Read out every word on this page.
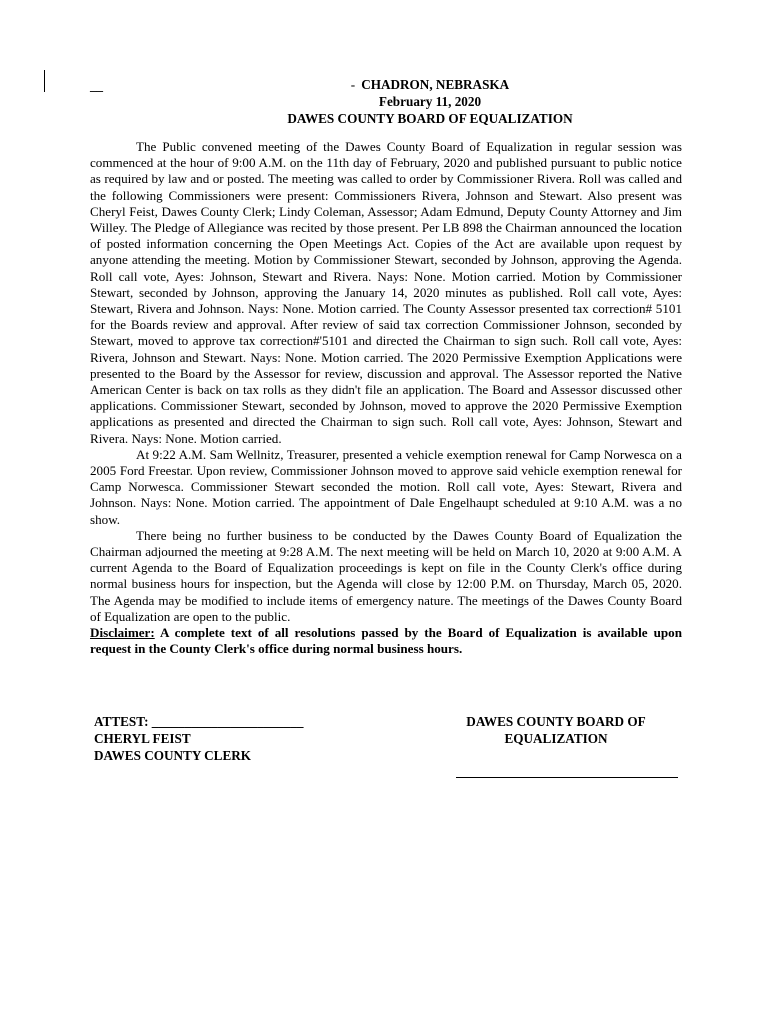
__	- CHADRON, NEBRASKA
February 11, 2020
DAWES COUNTY BOARD OF EQUALIZATION

The Public convened meeting of the Dawes County Board of Equalization in regular session was commenced at the hour of 9:00 A.M. on the 11th day of February, 2020 and published pursuant to public notice as required by law and or posted. The meeting was called to order by Commissioner Rivera. Roll was called and the following Commissioners were present: Commissioners Rivera, Johnson and Stewart. Also present was Cheryl Feist, Dawes County Clerk; Lindy Coleman, Assessor; Adam Edmund, Deputy County Attorney and Jim Willey. The Pledge of Allegiance was recited by those present. Per LB 898 the Chairman announced the location of posted information concerning the Open Meetings Act. Copies of the Act are available upon request by anyone attending the meeting. Motion by Commissioner Stewart, seconded by Johnson, approving the Agenda. Roll call vote, Ayes: Johnson, Stewart and Rivera. Nays: None. Motion carried. Motion by Commissioner Stewart, seconded by Johnson, approving the January 14, 2020 minutes as published. Roll call vote, Ayes: Stewart, Rivera and Johnson. Nays: None. Motion carried. The County Assessor presented tax correction# 5101 for the Boards review and approval. After review of said tax correction Commissioner Johnson, seconded by Stewart, moved to approve tax correction#'5101 and directed the Chairman to sign such. Roll call vote, Ayes: Rivera, Johnson and Stewart. Nays: None. Motion carried. The 2020 Permissive Exemption Applications were presented to the Board by the Assessor for review, discussion and approval. The Assessor reported the Native American Center is back on tax rolls as they didn't file an application. The Board and Assessor discussed other applications. Commissioner Stewart, seconded by Johnson, moved to approve the 2020 Permissive Exemption applications as presented and directed the Chairman to sign such. Roll call vote, Ayes: Johnson, Stewart and Rivera. Nays: None. Motion carried.

At 9:22 A.M. Sam Wellnitz, Treasurer, presented a vehicle exemption renewal for Camp Norwesca on a 2005 Ford Freestar. Upon review, Commissioner Johnson moved to approve said vehicle exemption renewal for Camp Norwesca. Commissioner Stewart seconded the motion. Roll call vote, Ayes: Stewart, Rivera and Johnson. Nays: None. Motion carried. The appointment of Dale Engelhaupt scheduled at 9:10 A.M. was a no show.

There being no further business to be conducted by the Dawes County Board of Equalization the Chairman adjourned the meeting at 9:28 A.M. The next meeting will be held on March 10, 2020 at 9:00 A.M. A current Agenda to the Board of Equalization proceedings is kept on file in the County Clerk's office during normal business hours for inspection, but the Agenda will close by 12:00 P.M. on Thursday, March 05, 2020. The Agenda may be modified to include items of emergency nature. The meetings of the Dawes County Board of Equalization are open to the public.

Disclaimer: A complete text of all resolutions passed by the Board of Equalization is available upon request in the County Clerk's office during normal business hours.

ATTEST: _______________________
CHERYL FEIST
DAWES COUNTY CLERK
DAWES COUNTY BOARD OF
EQUALIZATION
